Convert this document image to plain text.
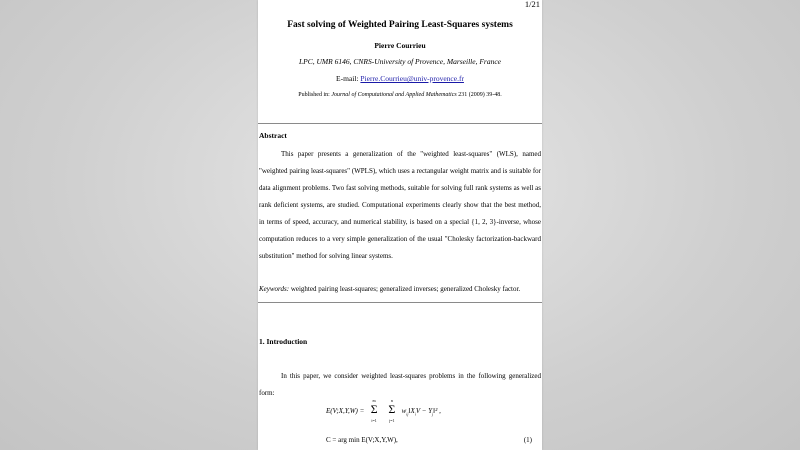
1/21
Fast solving of Weighted Pairing Least-Squares systems
Pierre Courrieu
LPC, UMR 6146, CNRS-University of Provence, Marseille, France
E-mail: Pierre.Courrieu@univ-provence.fr
Published in: Journal of Computational and Applied Mathematics 231 (2009) 39-48.
Abstract
This paper presents a generalization of the "weighted least-squares" (WLS), named "weighted pairing least-squares" (WPLS), which uses a rectangular weight matrix and is suitable for data alignment problems. Two fast solving methods, suitable for solving full rank systems as well as rank deficient systems, are studied. Computational experiments clearly show that the best method, in terms of speed, accuracy, and numerical stability, is based on a special {1, 2, 3}-inverse, whose computation reduces to a very simple generalization of the usual "Cholesky factorization-backward substitution" method for solving linear systems.
Keywords: weighted pairing least-squares; generalized inverses; generalized Cholesky factor.
1. Introduction
In this paper, we consider weighted least-squares problems in the following generalized form:
E(V;X,Y,W) = Σ
m
i=1
Σ
n
j=1
$w_{ij}‖X_iV$ − $Y_j‖^2$ ,
C = arg min E(V;X,Y,W),	(1)
